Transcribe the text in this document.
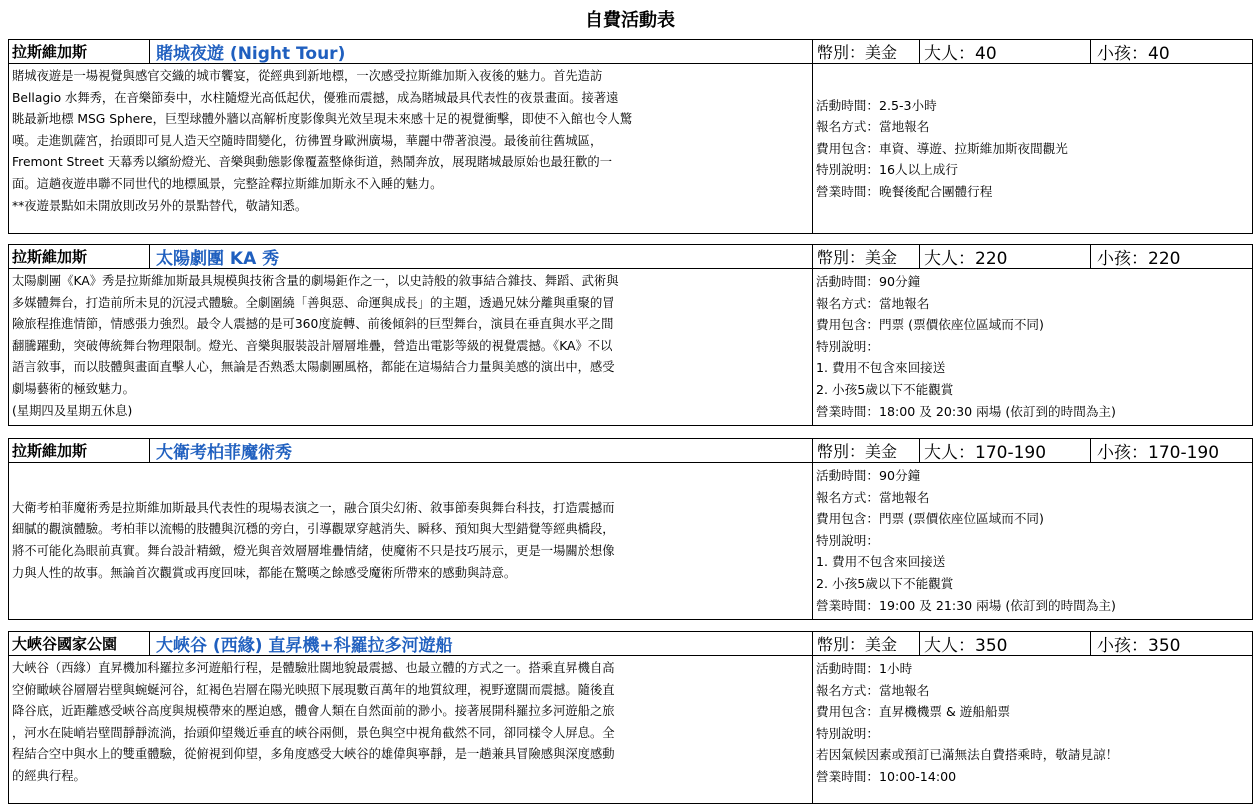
自費活動表
拉斯維加斯	賭城夜遊 (Night Tour)	幣別：美金	大人：40	小孩：40
賭城夜遊是一場視覺與感官交織的城市饗宴，從經典到新地標，一次感受拉斯維加斯入夜後的魅力。首先造訪
Bellagio 水舞秀，在音樂節奏中，水柱隨燈光高低起伏，優雅而震撼，成為賭城最具代表性的夜景畫面。接著遠
眺最新地標 MSG Sphere，巨型球體外牆以高解析度影像與光效呈現未來感十足的視覺衝擊，即使不入館也令人驚
嘆。走進凱薩宮，抬頭即可見人造天空隨時間變化，彷彿置身歐洲廣場，華麗中帶著浪漫。最後前往舊城區，
Fremont Street 天幕秀以繽紛燈光、音樂與動態影像覆蓋整條街道，熱鬧奔放，展現賭城最原始也最狂歡的一
面。這趟夜遊串聯不同世代的地標風景，完整詮釋拉斯維加斯永不入睡的魅力。
**夜遊景點如未開放則改另外的景點替代，敬請知悉。
活動時間：2.5-3小時
報名方式：當地報名
費用包含：車資、導遊、拉斯維加斯夜間觀光
特別說明：16人以上成行
營業時間：晚餐後配合團體行程
拉斯維加斯	太陽劇團 KA 秀	幣別：美金	大人：220	小孩：220
太陽劇團《KA》秀是拉斯維加斯最具規模與技術含量的劇場鉅作之一，以史詩般的敘事結合雜技、舞蹈、武術與
多媒體舞台，打造前所未見的沉浸式體驗。全劇圍繞「善與惡、命運與成長」的主題，透過兄妹分離與重聚的冒
險旅程推進情節，情感張力強烈。最令人震撼的是可360度旋轉、前後傾斜的巨型舞台，演員在垂直與水平之間
翻騰躍動，突破傳統舞台物理限制。燈光、音樂與服裝設計層層堆疊，營造出電影等級的視覺震撼。《KA》不以
語言敘事，而以肢體與畫面直擊人心，無論是否熟悉太陽劇團風格，都能在這場結合力量與美感的演出中，感受
劇場藝術的極致魅力。
(星期四及星期五休息)
活動時間：90分鐘
報名方式：當地報名
費用包含：門票 (票價依座位區域而不同)
特別說明：
1. 費用不包含來回接送
2. 小孩5歲以下不能觀賞
營業時間：18:00 及 20:30 兩場 (依訂到的時間為主)
拉斯維加斯	大衛考柏菲魔術秀	幣別：美金	大人：170-190	小孩：170-190
大衛考柏菲魔術秀是拉斯維加斯最具代表性的現場表演之一，融合頂尖幻術、敘事節奏與舞台科技，打造震撼而
細膩的觀演體驗。考柏菲以流暢的肢體與沉穩的旁白，引導觀眾穿越消失、瞬移、預知與大型錯覺等經典橋段，
將不可能化為眼前真實。舞台設計精緻，燈光與音效層層堆疊情緒，使魔術不只是技巧展示，更是一場關於想像
力與人性的故事。無論首次觀賞或再度回味，都能在驚嘆之餘感受魔術所帶來的感動與詩意。
活動時間：90分鐘
報名方式：當地報名
費用包含：門票 (票價依座位區域而不同)
特別說明：
1. 費用不包含來回接送
2. 小孩5歲以下不能觀賞
營業時間：19:00 及 21:30 兩場 (依訂到的時間為主)
大峽谷國家公園	大峽谷 (西緣) 直昇機+科羅拉多河遊船	幣別：美金	大人：350	小孩：350
大峽谷（西緣）直昇機加科羅拉多河遊船行程，是體驗壯闊地貌最震撼、也最立體的方式之一。搭乘直昇機自高
空俯瞰峽谷層層岩壁與蜿蜒河谷，紅褐色岩層在陽光映照下展現數百萬年的地質紋理，視野遼闊而震撼。隨後直
降谷底，近距離感受峽谷高度與規模帶來的壓迫感，體會人類在自然面前的渺小。接著展開科羅拉多河遊船之旅
，河水在陡峭岩壁間靜靜流淌，抬頭仰望幾近垂直的峽谷兩側，景色與空中視角截然不同，卻同樣令人屏息。全
程結合空中與水上的雙重體驗，從俯視到仰望，多角度感受大峽谷的雄偉與寧靜，是一趟兼具冒險感與深度感動
的經典行程。
活動時間：1小時
報名方式：當地報名
費用包含：直昇機機票 & 遊船船票
特別說明：
若因氣候因素或預訂已滿無法自費搭乘時，敬請見諒！
營業時間：10:00-14:00
